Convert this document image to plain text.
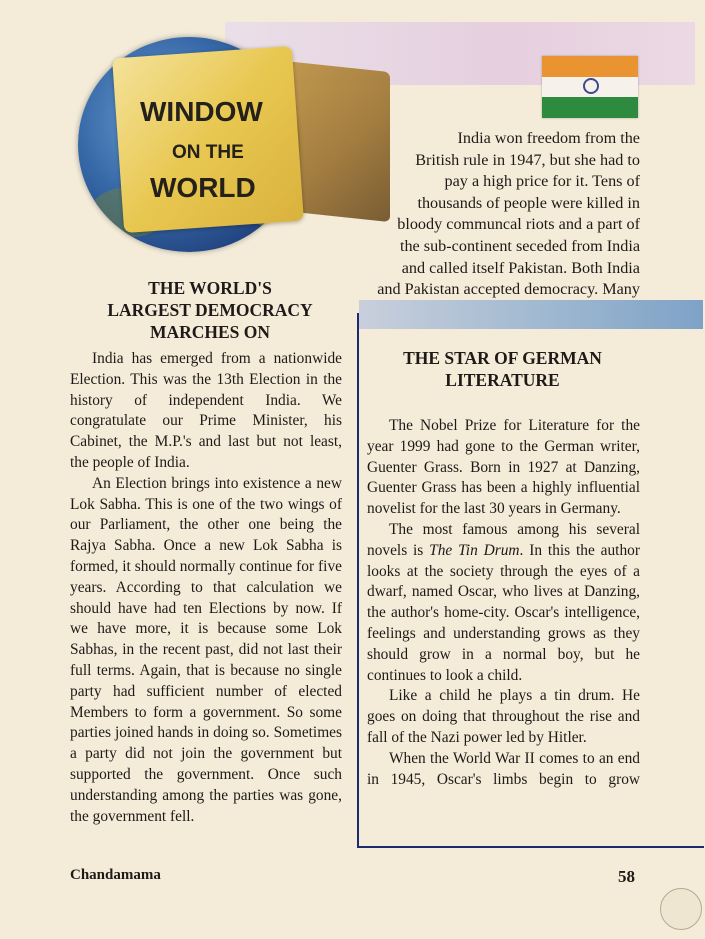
WINDOW
ON THE
WORLD
India won freedom from the
British rule in 1947, but she had to
pay a high price for it. Tens of
thousands of people were killed in
bloody communcal riots and a part of
the sub-continent seceded from India
and called itself Pakistan. Both India
and Pakistan accepted democracy. Many
THE WORLD'S
LARGEST DEMOCRACY
MARCHES ON

India has emerged from a nationwide Election. This was the 13th Election in the history of independent India. We congratulate our Prime Minister, his Cabinet, the M.P.'s and last but not least, the people of India.

An Election brings into existence a new Lok Sabha. This is one of the two wings of our Parliament, the other one being the Rajya Sabha. Once a new Lok Sabha is formed, it should normally continue for five years. According to that calculation we should have had ten Elections by now. If we have more, it is because some Lok Sabhas, in the recent past, did not last their full terms. Again, that is because no single party had sufficient number of elected Members to form a government. So some parties joined hands in doing so. Sometimes a party did not join the government but supported the government. Once such understanding among the parties was gone, the government fell.

THE STAR OF GERMAN
LITERATURE

The Nobel Prize for Literature for the year 1999 had gone to the German writer, Guenter Grass. Born in 1927 at Danzing, Guenter Grass has been a highly influential novelist for the last 30 years in Germany.

The most famous among his several novels is The Tin Drum. In this the author looks at the society through the eyes of a dwarf, named Oscar, who lives at Danzing, the author's home-city. Oscar's intelligence, feelings and understanding grows as they should grow in a normal boy, but he continues to look a child.

Like a child he plays a tin drum. He goes on doing that throughout the rise and fall of the Nazi power led by Hitler.

When the World War II comes to an end in 1945, Oscar's limbs begin to grow

Chandamama	58
